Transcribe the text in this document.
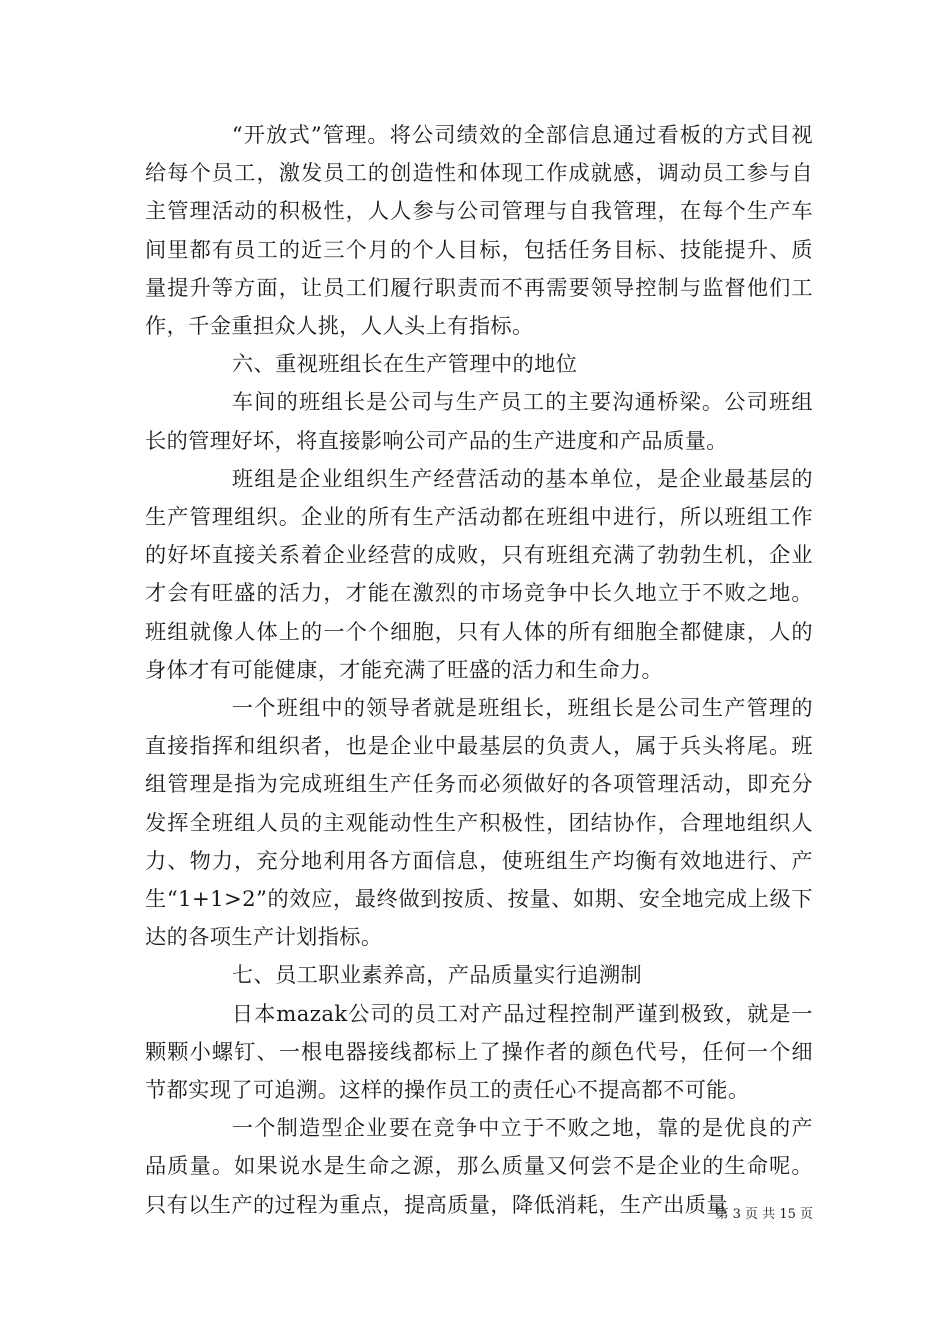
“开放式”管理。将公司绩效的全部信息通过看板的方式目视给每个员工，激发员工的创造性和体现工作成就感，调动员工参与自主管理活动的积极性，人人参与公司管理与自我管理，在每个生产车间里都有员工的近三个月的个人目标，包括任务目标、技能提升、质量提升等方面，让员工们履行职责而不再需要领导控制与监督他们工作，千金重担众人挑，人人头上有指标。

六、重视班组长在生产管理中的地位

车间的班组长是公司与生产员工的主要沟通桥梁。公司班组长的管理好坏，将直接影响公司产品的生产进度和产品质量。

班组是企业组织生产经营活动的基本单位，是企业最基层的生产管理组织。企业的所有生产活动都在班组中进行，所以班组工作的好坏直接关系着企业经营的成败，只有班组充满了勃勃生机，企业才会有旺盛的活力，才能在激烈的市场竞争中长久地立于不败之地。班组就像人体上的一个个细胞，只有人体的所有细胞全都健康，人的身体才有可能健康，才能充满了旺盛的活力和生命力。

一个班组中的领导者就是班组长，班组长是公司生产管理的直接指挥和组织者，也是企业中最基层的负责人，属于兵头将尾。班组管理是指为完成班组生产任务而必须做好的各项管理活动，即充分发挥全班组人员的主观能动性生产积极性，团结协作，合理地组织人力、物力，充分地利用各方面信息，使班组生产均衡有效地进行、产生“1+1>2”的效应，最终做到按质、按量、如期、安全地完成上级下达的各项生产计划指标。

七、员工职业素养高，产品质量实行追溯制

日本mazak公司的员工对产品过程控制严谨到极致，就是一颗颗小螺钉、一根电器接线都标上了操作者的颜色代号，任何一个细节都实现了可追溯。这样的操作员工的责任心不提高都不可能。

一个制造型企业要在竞争中立于不败之地，靠的是优良的产品质量。如果说水是生命之源，那么质量又何尝不是企业的生命呢。只有以生产的过程为重点，提高质量，降低消耗，生产出质量

第 3 页 共 15 页
